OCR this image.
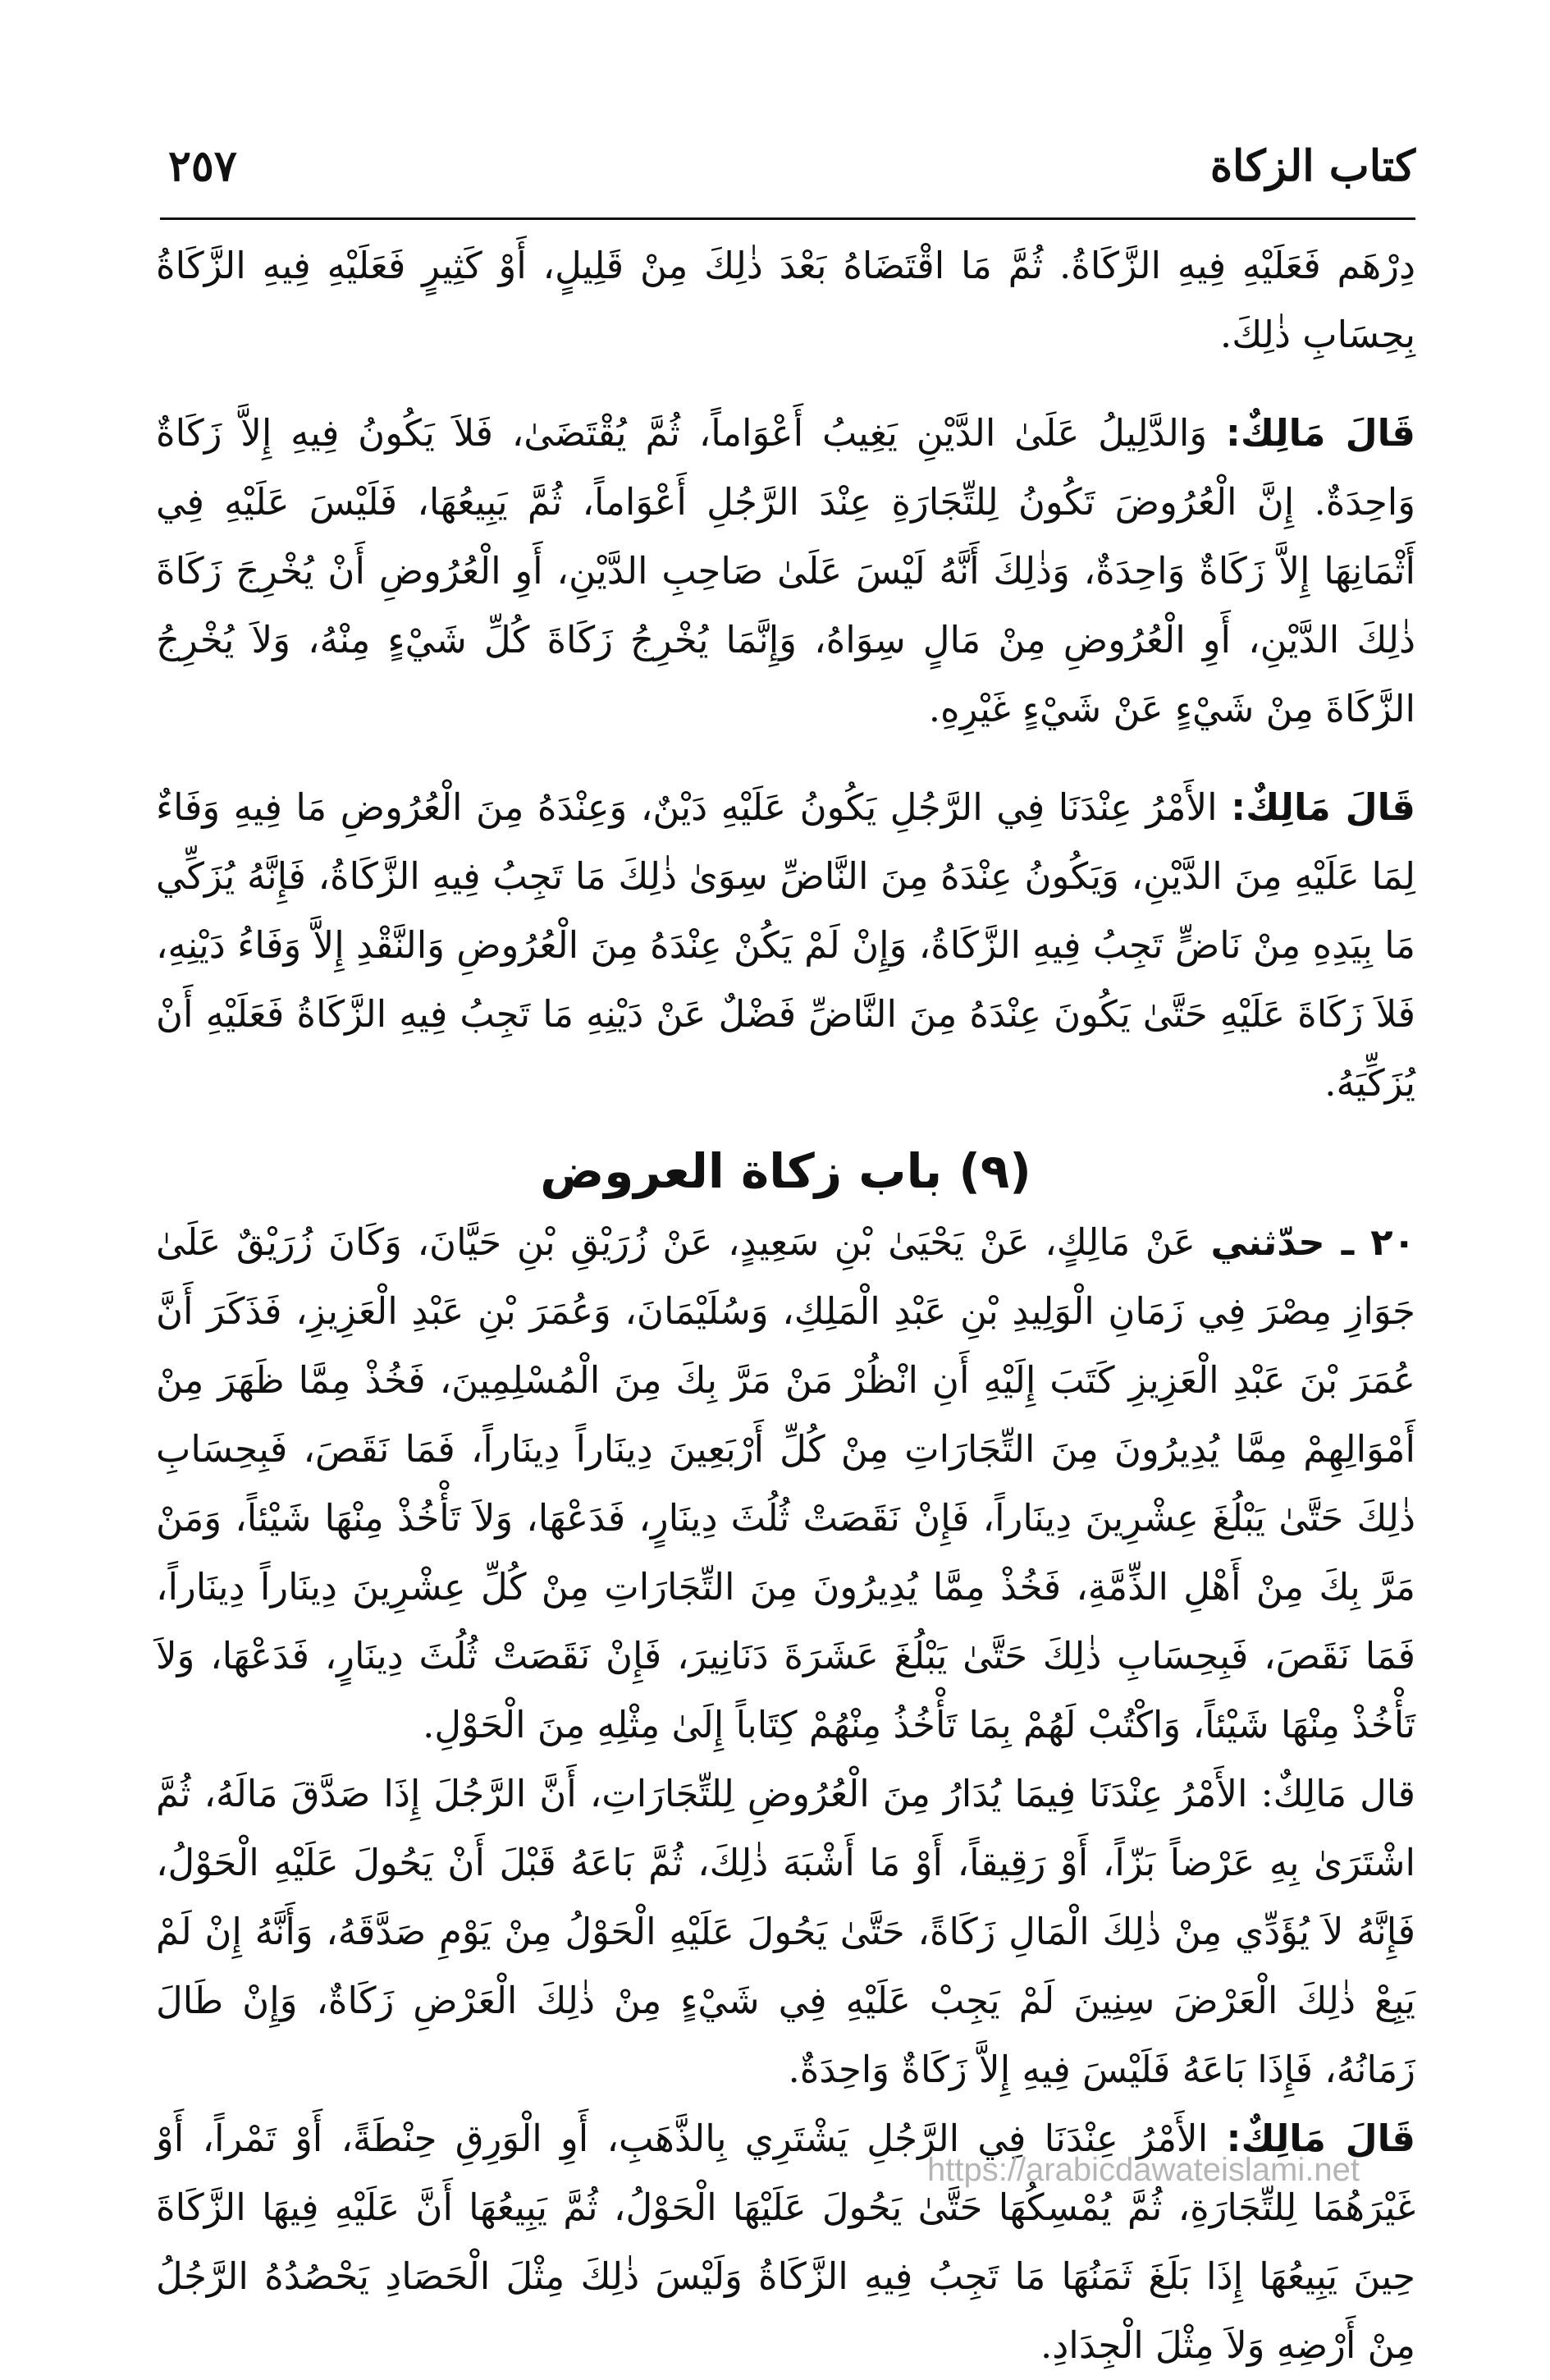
كتاب الزكاة
٢٥٧

دِرْهَم فَعَلَيْهِ فِيهِ الزَّكَاةُ. ثُمَّ مَا اقْتَضَاهُ بَعْدَ ذٰلِكَ مِنْ قَلِيلٍ، أَوْ كَثِيرٍ فَعَلَيْهِ فِيهِ الزَّكَاةُ بِحِسَابِ ذٰلِكَ.

قَالَ مَالِكٌ: وَالدَّلِيلُ عَلَىٰ الدَّيْنِ يَغِيبُ أَعْوَاماً، ثُمَّ يُقْتَضَىٰ، فَلاَ يَكُونُ فِيهِ إِلاَّ زَكَاةٌ وَاحِدَةٌ. إِنَّ الْعُرُوضَ تَكُونُ لِلتِّجَارَةِ عِنْدَ الرَّجُلِ أَعْوَاماً، ثُمَّ يَبِيعُهَا، فَلَيْسَ عَلَيْهِ فِي أَثْمَانِهَا إِلاَّ زَكَاةٌ وَاحِدَةٌ، وَذٰلِكَ أَنَّهُ لَيْسَ عَلَىٰ صَاحِبِ الدَّيْنِ، أَوِ الْعُرُوضِ أَنْ يُخْرِجَ زَكَاةَ ذٰلِكَ الدَّيْنِ، أَوِ الْعُرُوضِ مِنْ مَالٍ سِوَاهُ، وَإِنَّمَا يُخْرِجُ زَكَاةَ كُلِّ شَيْءٍ مِنْهُ، وَلاَ يُخْرِجُ الزَّكَاةَ مِنْ شَيْءٍ عَنْ شَيْءٍ غَيْرِهِ.

قَالَ مَالِكٌ: الأَمْرُ عِنْدَنَا فِي الرَّجُلِ يَكُونُ عَلَيْهِ دَيْنٌ، وَعِنْدَهُ مِنَ الْعُرُوضِ مَا فِيهِ وَفَاءٌ لِمَا عَلَيْهِ مِنَ الدَّيْنِ، وَيَكُونُ عِنْدَهُ مِنَ النَّاضِّ سِوَىٰ ذٰلِكَ مَا تَجِبُ فِيهِ الزَّكَاةُ، فَإِنَّهُ يُزَكِّي مَا بِيَدِهِ مِنْ نَاضٍّ تَجِبُ فِيهِ الزَّكَاةُ، وَإِنْ لَمْ يَكُنْ عِنْدَهُ مِنَ الْعُرُوضِ وَالنَّقْدِ إِلاَّ وَفَاءُ دَيْنِهِ، فَلاَ زَكَاةَ عَلَيْهِ حَتَّىٰ يَكُونَ عِنْدَهُ مِنَ النَّاضِّ فَضْلٌ عَنْ دَيْنِهِ مَا تَجِبُ فِيهِ الزَّكَاةُ فَعَلَيْهِ أَنْ يُزَكِّيَهُ.

(٩) باب زكاة العروض

٢٠ ـ حدّثني عَنْ مَالِكٍ، عَنْ يَحْيَىٰ بْنِ سَعِيدٍ، عَنْ زُرَيْقِ بْنِ حَيَّانَ، وَكَانَ زُرَيْقٌ عَلَىٰ جَوَازِ مِصْرَ فِي زَمَانِ الْوَلِيدِ بْنِ عَبْدِ الْمَلِكِ، وَسُلَيْمَانَ، وَعُمَرَ بْنِ عَبْدِ الْعَزِيزِ، فَذَكَرَ أَنَّ عُمَرَ بْنَ عَبْدِ الْعَزِيزِ كَتَبَ إِلَيْهِ أَنِ انْظُرْ مَنْ مَرَّ بِكَ مِنَ الْمُسْلِمِينَ، فَخُذْ مِمَّا ظَهَرَ مِنْ أَمْوَالِهِمْ مِمَّا يُدِيرُونَ مِنَ التِّجَارَاتِ مِنْ كُلِّ أَرْبَعِينَ دِينَاراً دِينَاراً، فَمَا نَقَصَ، فَبِحِسَابِ ذٰلِكَ حَتَّىٰ يَبْلُغَ عِشْرِينَ دِينَاراً، فَإِنْ نَقَصَتْ ثُلُثَ دِينَارٍ، فَدَعْهَا، وَلاَ تَأْخُذْ مِنْهَا شَيْئاً، وَمَنْ مَرَّ بِكَ مِنْ أَهْلِ الذِّمَّةِ، فَخُذْ مِمَّا يُدِيرُونَ مِنَ التِّجَارَاتِ مِنْ كُلِّ عِشْرِينَ دِينَاراً دِينَاراً، فَمَا نَقَصَ، فَبِحِسَابِ ذٰلِكَ حَتَّىٰ يَبْلُغَ عَشَرَةَ دَنَانِيرَ، فَإِنْ نَقَصَتْ ثُلُثَ دِينَارٍ، فَدَعْهَا، وَلاَ تَأْخُذْ مِنْهَا شَيْئاً، وَاكْتُبْ لَهُمْ بِمَا تَأْخُذُ مِنْهُمْ كِتَاباً إِلَىٰ مِثْلِهِ مِنَ الْحَوْلِ.

قال مَالِكٌ: الأَمْرُ عِنْدَنَا فِيمَا يُدَارُ مِنَ الْعُرُوضِ لِلتِّجَارَاتِ، أَنَّ الرَّجُلَ إِذَا صَدَّقَ مَالَهُ، ثُمَّ اشْتَرَىٰ بِهِ عَرْضاً بَزّاً، أَوْ رَقِيقاً، أَوْ مَا أَشْبَهَ ذٰلِكَ، ثُمَّ بَاعَهُ قَبْلَ أَنْ يَحُولَ عَلَيْهِ الْحَوْلُ، فَإِنَّهُ لاَ يُؤَدِّي مِنْ ذٰلِكَ الْمَالِ زَكَاةً، حَتَّىٰ يَحُولَ عَلَيْهِ الْحَوْلُ مِنْ يَوْمِ صَدَّقَهُ، وَأَنَّهُ إِنْ لَمْ يَبِعْ ذٰلِكَ الْعَرْضَ سِنِينَ لَمْ يَجِبْ عَلَيْهِ فِي شَيْءٍ مِنْ ذٰلِكَ الْعَرْضِ زَكَاةٌ، وَإِنْ طَالَ زَمَانُهُ، فَإِذَا بَاعَهُ فَلَيْسَ فِيهِ إِلاَّ زَكَاةٌ وَاحِدَةٌ.

قَالَ مَالِكٌ: الأَمْرُ عِنْدَنَا فِي الرَّجُلِ يَشْتَرِي بِالذَّهَبِ، أَوِ الْوَرِقِ حِنْطَةً، أَوْ تَمْراً، أَوْ غَيْرَهُمَا لِلتِّجَارَةِ، ثُمَّ يُمْسِكُهَا حَتَّىٰ يَحُولَ عَلَيْهَا الْحَوْلُ، ثُمَّ يَبِيعُهَا أَنَّ عَلَيْهِ فِيهَا الزَّكَاةَ حِينَ يَبِيعُهَا إِذَا بَلَغَ ثَمَنُهَا مَا تَجِبُ فِيهِ الزَّكَاةُ وَلَيْسَ ذٰلِكَ مِثْلَ الْحَصَادِ يَحْصُدُهُ الرَّجُلُ مِنْ أَرْضِهِ وَلاَ مِثْلَ الْجِدَادِ.

https://arabicdawateislami.net
